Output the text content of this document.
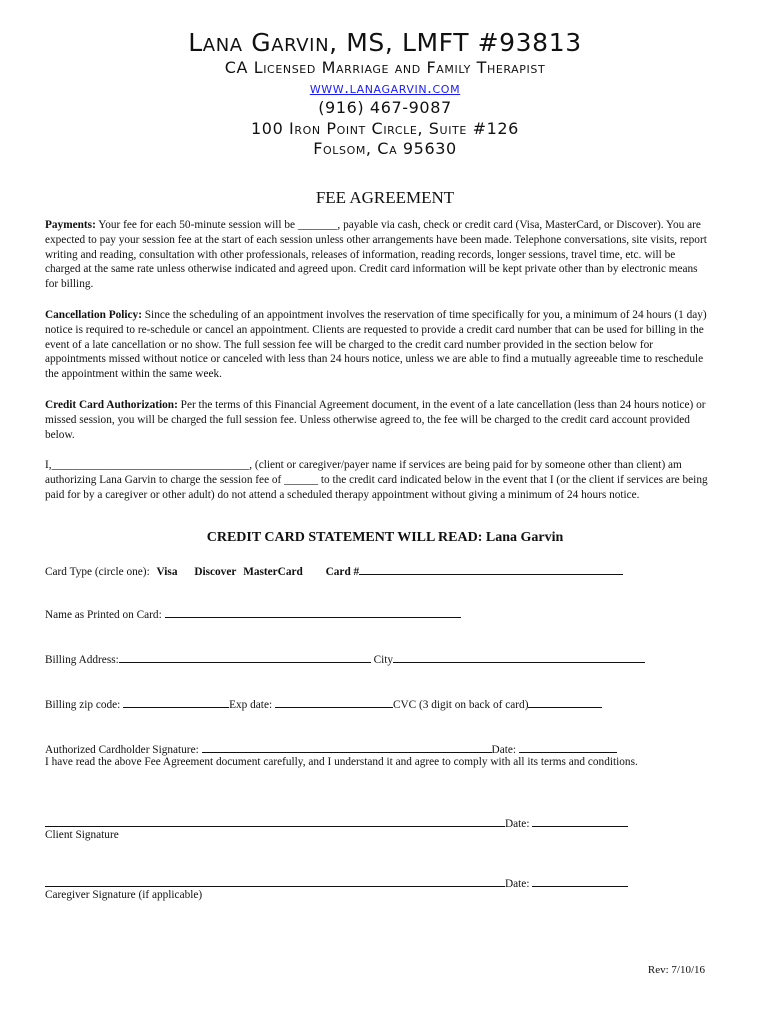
Lana Garvin, MS, LMFT #93813
CA Licensed Marriage and Family Therapist
www.lanagarvin.com
(916) 467-9087
100 Iron Point Circle, Suite #126
Folsom, Ca 95630
FEE AGREEMENT
Payments: Your fee for each 50-minute session will be _______, payable via cash, check or credit card (Visa, MasterCard, or Discover). You are expected to pay your session fee at the start of each session unless other arrangements have been made. Telephone conversations, site visits, report writing and reading, consultation with other professionals, releases of information, reading records, longer sessions, travel time, etc. will be charged at the same rate unless otherwise indicated and agreed upon. Credit card information will be kept private other than by electronic means for billing.
Cancellation Policy: Since the scheduling of an appointment involves the reservation of time specifically for you, a minimum of 24 hours (1 day) notice is required to re-schedule or cancel an appointment. Clients are requested to provide a credit card number that can be used for billing in the event of a late cancellation or no show. The full session fee will be charged to the credit card number provided in the section below for appointments missed without notice or canceled with less than 24 hours notice, unless we are able to find a mutually agreeable time to reschedule the appointment within the same week.
Credit Card Authorization: Per the terms of this Financial Agreement document, in the event of a late cancellation (less than 24 hours notice) or missed session, you will be charged the full session fee. Unless otherwise agreed to, the fee will be charged to the credit card account provided below.
I,___________________________________, (client or caregiver/payer name if services are being paid for by someone other than client) am authorizing Lana Garvin to charge the session fee of ______ to the credit card indicated below in the event that I (or the client if services are being paid for by a caregiver or other adult) do not attend a scheduled therapy appointment without giving a minimum of 24 hours notice.
CREDIT CARD STATEMENT WILL READ: Lana Garvin
Card Type (circle one): Visa Discover MasterCard Card #
Name as Printed on Card:
Billing Address:	City
Billing zip code:	Exp date:	CVC (3 digit on back of card)
Authorized Cardholder Signature:	Date:
I have read the above Fee Agreement document carefully, and I understand it and agree to comply with all its terms and conditions.
Date:
Client Signature
Date:
Caregiver Signature (if applicable)
Rev: 7/10/16
